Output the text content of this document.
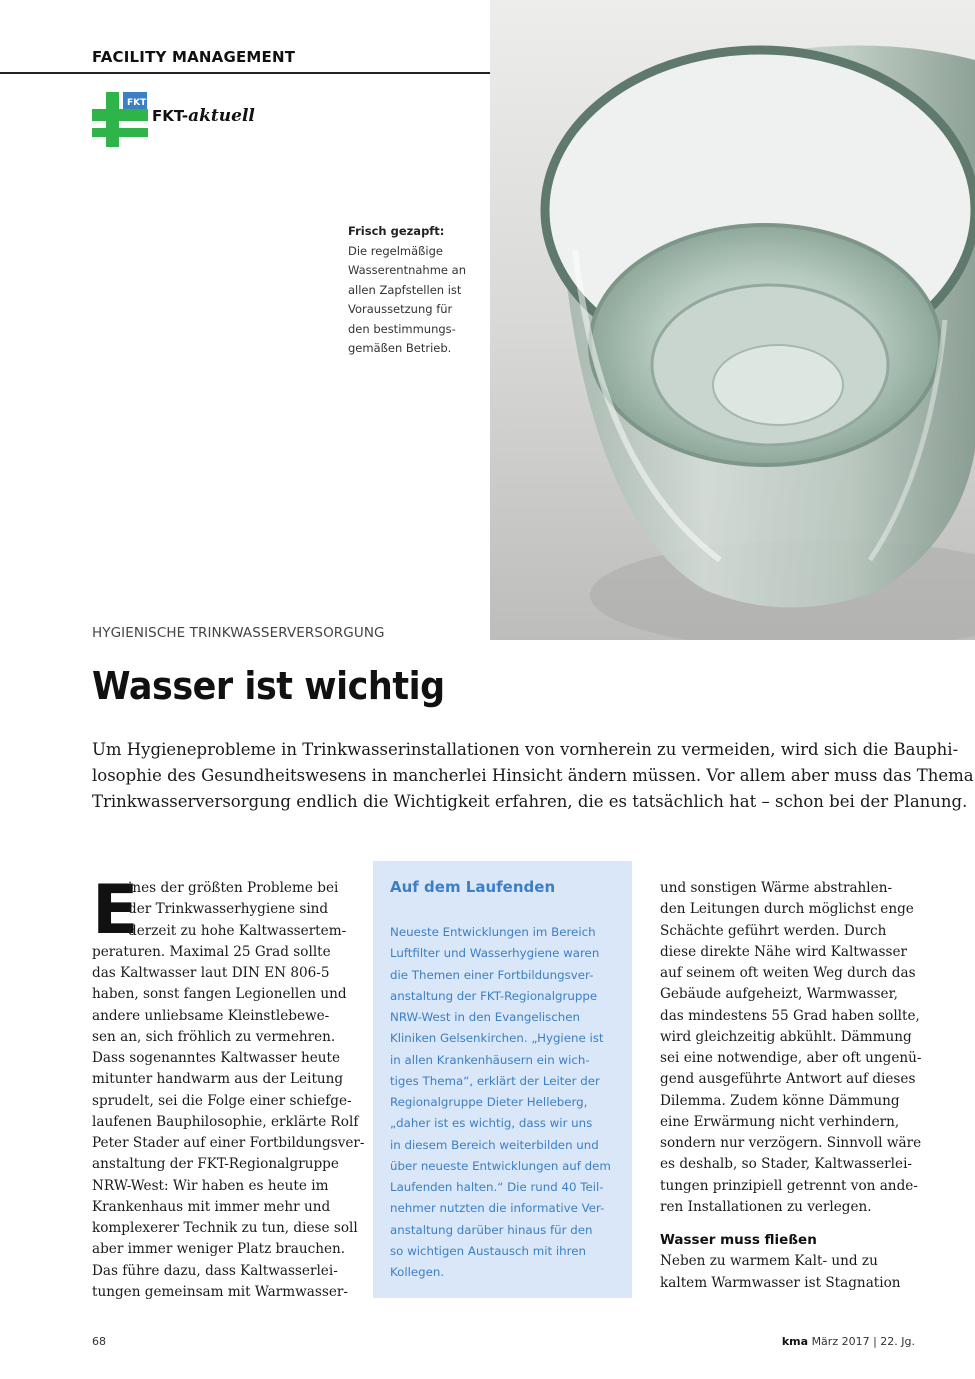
FACILITY MANAGEMENT
FKT
FKT-aktuell
Frisch gezapft:
Die regelmäßige
Wasserentnahme an
allen Zapfstellen ist
Voraussetzung für
den bestimmungs-
gemäßen Betrieb.
HYGIENISCHE TRINKWASSERVERSORGUNG
Wasser ist wichtig

Um Hygieneprobleme in Trinkwasserinstallationen von vornherein zu vermeiden, wird sich die Bauphi-

losophie des Gesundheitswesens in mancherlei Hinsicht ändern müssen. Vor allem aber muss das Thema

Trinkwasserversorgung endlich die Wichtigkeit erfahren, die es tatsächlich hat – schon bei der Planung.

E

ines der größten Probleme bei

der Trinkwasserhygiene sind

derzeit zu hohe Kaltwassertem-

peraturen. Maximal 25 Grad sollte

das Kaltwasser laut DIN EN 806-5

haben, sonst fangen Legionellen und

andere unliebsame Kleinstlebewe-

sen an, sich fröhlich zu vermehren.

Dass sogenanntes Kaltwasser heute

mitunter handwarm aus der Leitung

sprudelt, sei die Folge einer schiefge-

laufenen Bauphilosophie, erklärte Rolf

Peter Stader auf einer Fortbildungsver-

anstaltung der FKT-Regionalgruppe

NRW-West: Wir haben es heute im

Krankenhaus mit immer mehr und

komplexerer Technik zu tun, diese soll

aber immer weniger Platz brauchen.

Das führe dazu, dass Kaltwasserlei-

tungen gemeinsam mit Warmwasser-

Auf dem Laufenden

Neueste Entwicklungen im Bereich

Luftfilter und Wasserhygiene waren

die Themen einer Fortbildungsver-

anstaltung der FKT-Regionalgruppe

NRW-West in den Evangelischen

Kliniken Gelsenkirchen. „Hygiene ist

in allen Krankenhäusern ein wich-

tiges Thema“, erklärt der Leiter der

Regionalgruppe Dieter Helleberg,

„daher ist es wichtig, dass wir uns

in diesem Bereich weiterbilden und

über neueste Entwicklungen auf dem

Laufenden halten.“ Die rund 40 Teil-

nehmer nutzten die informative Ver-

anstaltung darüber hinaus für den

so wichtigen Austausch mit ihren

Kollegen.

und sonstigen Wärme abstrahlen-

den Leitungen durch möglichst enge

Schächte geführt werden. Durch

diese direkte Nähe wird Kaltwasser

auf seinem oft weiten Weg durch das

Gebäude aufgeheizt, Warmwasser,

das mindestens 55 Grad haben sollte,

wird gleichzeitig abkühlt. Dämmung

sei eine notwendige, aber oft ungenü-

gend ausgeführte Antwort auf dieses

Dilemma. Zudem könne Dämmung

eine Erwärmung nicht verhindern,

sondern nur verzögern. Sinnvoll wäre

es deshalb, so Stader, Kaltwasserlei-

tungen prinzipiell getrennt von ande-

ren Installationen zu verlegen.

Wasser muss fließen

Neben zu warmem Kalt- und zu

kaltem Warmwasser ist Stagnation

68	kma März 2017 | 22. Jg.
